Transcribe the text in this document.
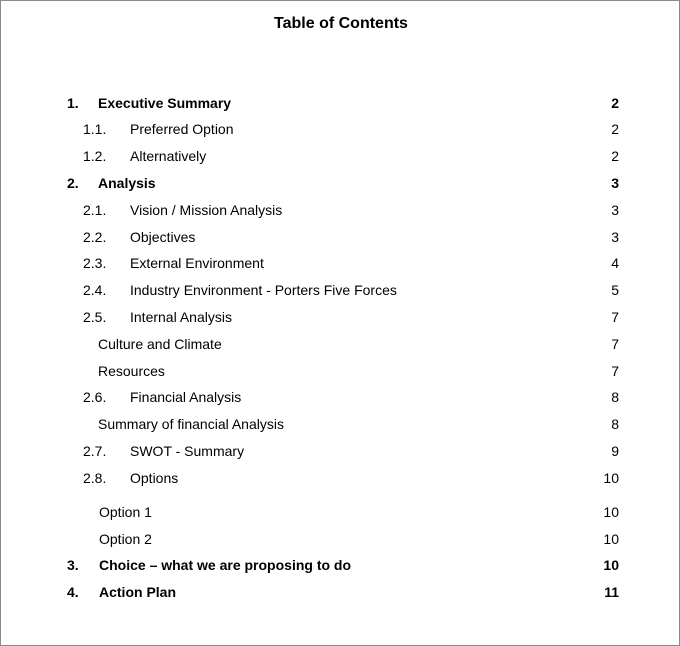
Table of Contents
1. Executive Summary	2
1.1. Preferred Option	2
1.2. Alternatively	2
2. Analysis	3
2.1. Vision / Mission Analysis	3
2.2. Objectives	3
2.3. External Environment	4
2.4. Industry Environment - Porters Five Forces	5
2.5. Internal Analysis	7
Culture and Climate	7
Resources	7
2.6. Financial Analysis	8
Summary of financial Analysis	8
2.7. SWOT - Summary	9
2.8. Options	10
Option 1	10
Option 2	10
3. Choice – what we are proposing to do	10
4. Action Plan	11
